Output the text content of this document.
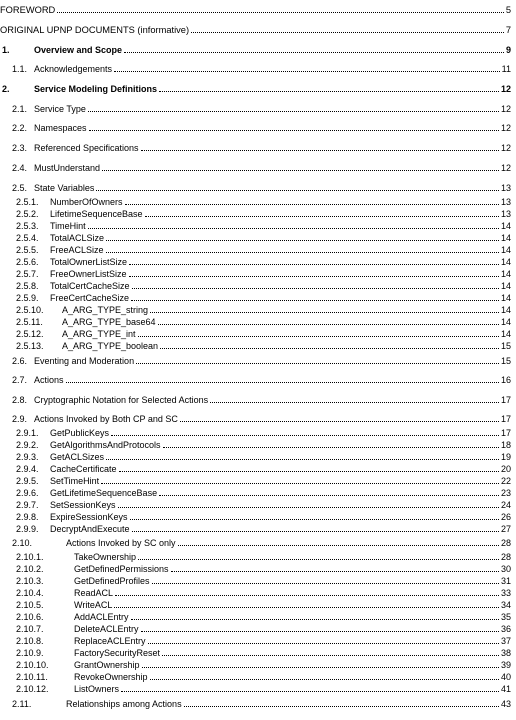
FOREWORD	5
ORIGINAL UPNP DOCUMENTS (informative)	7
1.	Overview and Scope	9
1.1. Acknowledgements	11
2.	Service Modeling Definitions	12
2.1. Service Type	12
2.2. Namespaces	12
2.3. Referenced Specifications	12
2.4. MustUnderstand	12
2.5. State Variables	13
2.5.1. NumberOfOwners	13
2.5.2. LifetimeSequenceBase	13
2.5.3. TimeHint	14
2.5.4. TotalACLSize	14
2.5.5. FreeACLSize	14
2.5.6. TotalOwnerListSize	14
2.5.7. FreeOwnerListSize	14
2.5.8. TotalCertCacheSize	14
2.5.9. FreeCertCacheSize	14
2.5.10. A_ARG_TYPE_string	14
2.5.11. A_ARG_TYPE_base64	14
2.5.12. A_ARG_TYPE_int	14
2.5.13. A_ARG_TYPE_boolean	15
2.6. Eventing and Moderation	15
2.7. Actions	16
2.8. Cryptographic Notation for Selected Actions	17
2.9. Actions Invoked by Both CP and SC	17
2.9.1. GetPublicKeys	17
2.9.2. GetAlgorithmsAndProtocols	18
2.9.3. GetACLSizes	19
2.9.4. CacheCertificate	20
2.9.5. SetTimeHint	22
2.9.6. GetLifetimeSequenceBase	23
2.9.7. SetSessionKeys	24
2.9.8. ExpireSessionKeys	26
2.9.9. DecryptAndExecute	27
2.10.	Actions Invoked by SC only	28
2.10.1.	TakeOwnership	28
2.10.2.	GetDefinedPermissions	30
2.10.3.	GetDefinedProfiles	31
2.10.4.	ReadACL	33
2.10.5.	WriteACL	34
2.10.6.	AddACLEntry	35
2.10.7.	DeleteACLEntry	36
2.10.8.	ReplaceACLEntry	37
2.10.9.	FactorySecurityReset	38
2.10.10.	GrantOwnership	39
2.10.11.	RevokeOwnership	40
2.10.12.	ListOwners	41
2.11.	Relationships among Actions	43
